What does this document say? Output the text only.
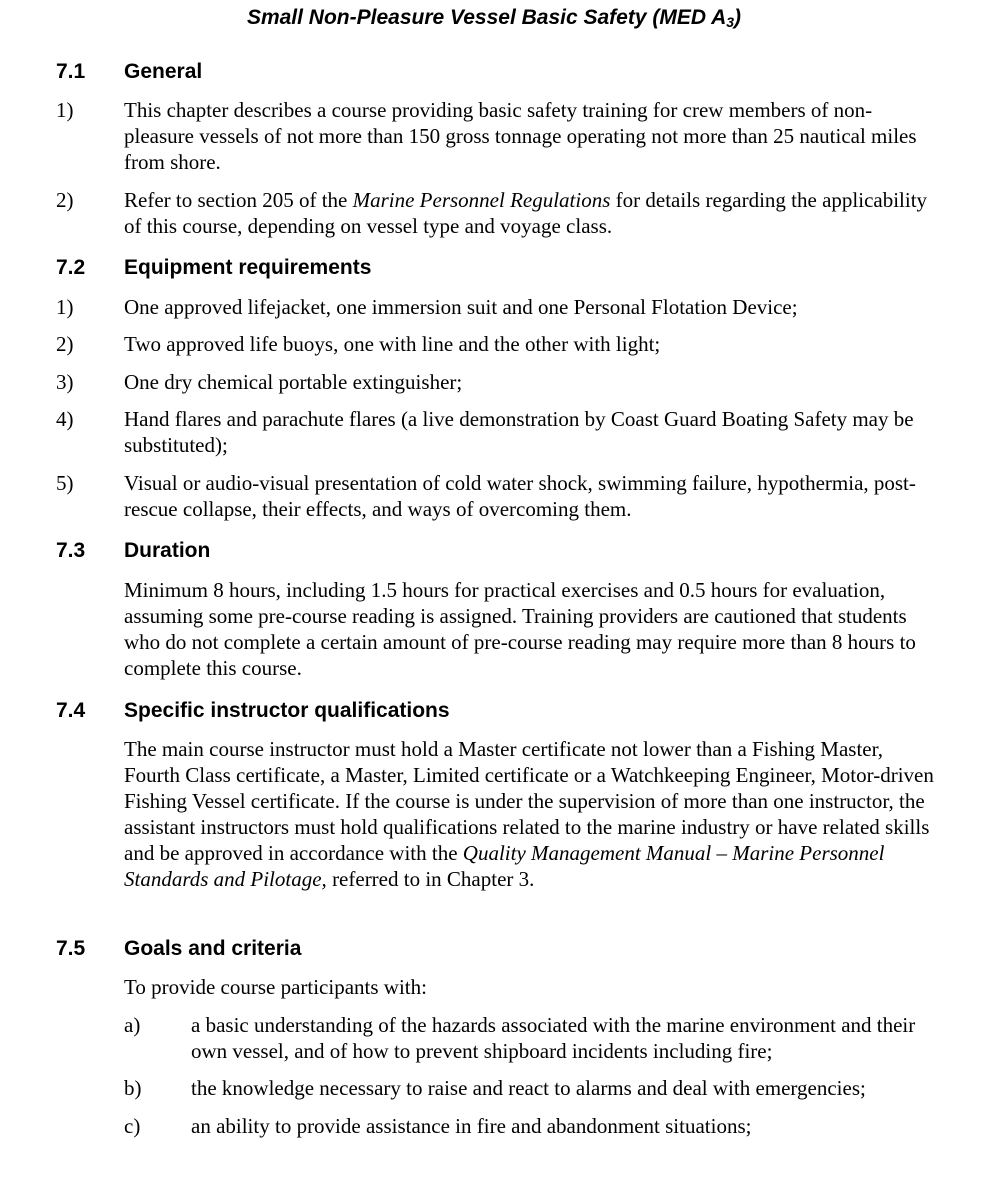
Small Non-Pleasure Vessel Basic Safety (MED $A_3$)
7.1 General
1) This chapter describes a course providing basic safety training for crew members of non-pleasure vessels of not more than 150 gross tonnage operating not more than 25 nautical miles from shore.
2) Refer to section 205 of the Marine Personnel Regulations for details regarding the applicability of this course, depending on vessel type and voyage class.
7.2 Equipment requirements
1) One approved lifejacket, one immersion suit and one Personal Flotation Device;
2) Two approved life buoys, one with line and the other with light;
3) One dry chemical portable extinguisher;
4) Hand flares and parachute flares (a live demonstration by Coast Guard Boating Safety may be substituted);
5) Visual or audio-visual presentation of cold water shock, swimming failure, hypothermia, post-rescue collapse, their effects, and ways of overcoming them.
7.3 Duration
Minimum 8 hours, including 1.5 hours for practical exercises and 0.5 hours for evaluation, assuming some pre-course reading is assigned. Training providers are cautioned that students who do not complete a certain amount of pre-course reading may require more than 8 hours to complete this course.
7.4 Specific instructor qualifications
The main course instructor must hold a Master certificate not lower than a Fishing Master, Fourth Class certificate, a Master, Limited certificate or a Watchkeeping Engineer, Motor-driven Fishing Vessel certificate. If the course is under the supervision of more than one instructor, the assistant instructors must hold qualifications related to the marine industry or have related skills and be approved in accordance with the Quality Management Manual – Marine Personnel Standards and Pilotage, referred to in Chapter 3.
7.5 Goals and criteria
To provide course participants with:
a) a basic understanding of the hazards associated with the marine environment and their own vessel, and of how to prevent shipboard incidents including fire;
b) the knowledge necessary to raise and react to alarms and deal with emergencies;
c) an ability to provide assistance in fire and abandonment situations;
